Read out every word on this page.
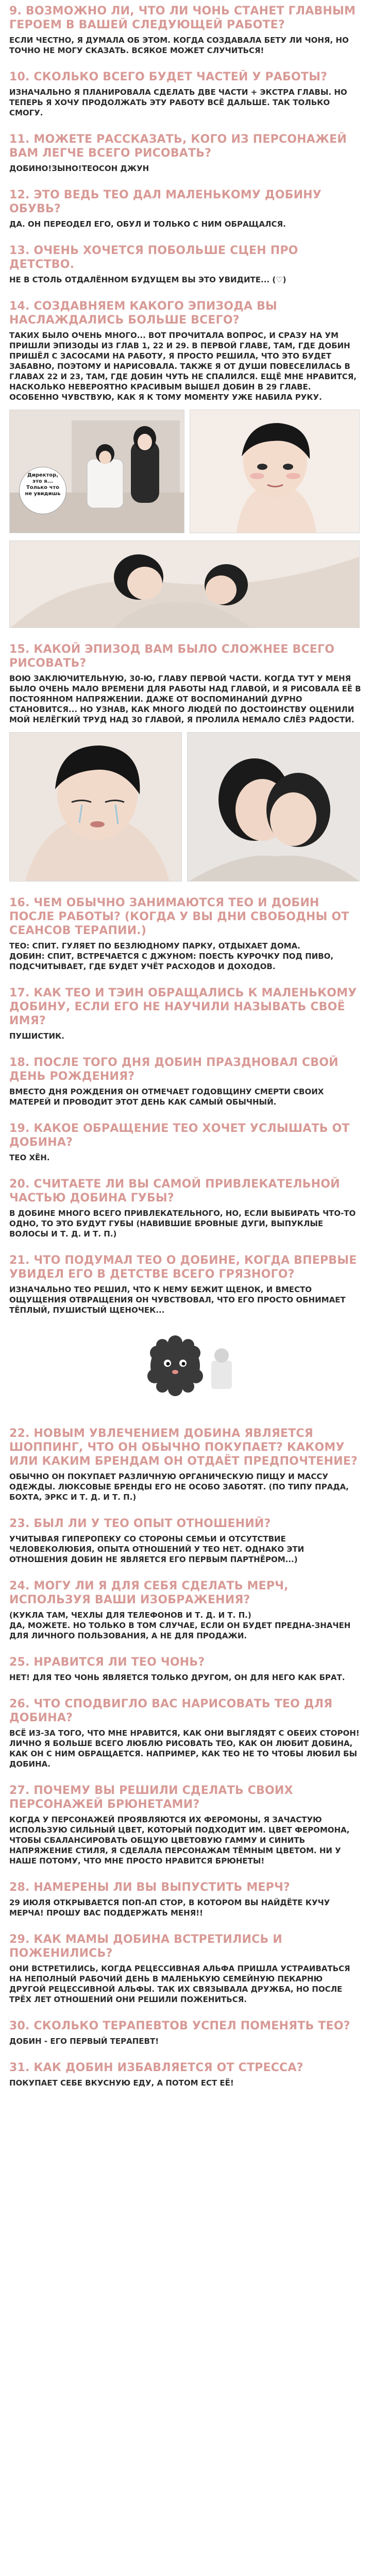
9. ВОЗМОЖНО ЛИ, ЧТО ЛИ ЧОНЬ СТАНЕТ ГЛАВНЫМ ГЕРОЕМ В ВАШЕЙ СЛЕДУЮЩЕЙ РАБОТЕ?
ЕСЛИ ЧЕСТНО, Я ДУМАЛА ОБ ЭТОМ. КОГДА СОЗДАВАЛА БЕТУ ЛИ ЧОНЯ, НО ТОЧНО НЕ МОГУ СКАЗАТЬ. ВСЯКОЕ МОЖЕТ СЛУЧИТЬСЯ!
10. СКОЛЬКО ВСЕГО БУДЕТ ЧАСТЕЙ У РАБОТЫ?
ИЗНАЧАЛЬНО Я ПЛАНИРОВАЛА СДЕЛАТЬ ДВЕ ЧАСТИ + ЭКСТРА ГЛАВЫ. НО ТЕПЕРЬ Я ХОЧУ ПРОДОЛЖАТЬ ЭТУ РАБОТУ ВСЁ ДАЛЬШЕ. ТАК ТОЛЬКО СМОГУ.
11. МОЖЕТЕ РАССКАЗАТЬ, КОГО ИЗ ПЕРСОНАЖЕЙ ВАМ ЛЕГЧЕ ВСЕГО РИСОВАТЬ?
ДОБИНО!ЗЫНО!ТЕОСОН ДЖУН
12. ЭТО ВЕДЬ ТЕО ДАЛ МАЛЕНЬКОМУ ДОБИНУ ОБУВЬ?
ДА. ОН ПЕРЕОДЕЛ ЕГО, ОБУЛ И ТОЛЬКО С НИМ ОБРАЩАЛСЯ.
13. ОЧЕНЬ ХОЧЕТСЯ ПОБОЛЬШЕ СЦЕН ПРО ДЕТСТВО.
НЕ В СТОЛЬ ОТДАЛЁННОМ БУДУЩЕМ ВЫ ЭТО УВИДИТЕ... (♡)
14. СОЗДАВНЯЕМ КАКОГО ЭПИЗОДА ВЫ НАСЛАЖДАЛИСЬ БОЛЬШЕ ВСЕГО?
ТАКИХ БЫЛО ОЧЕНЬ МНОГО... ВОТ ПРОЧИТАЛА ВОПРОС, И СРАЗУ НА УМ ПРИШЛИ ЭПИЗОДЫ ИЗ ГЛАВ 1, 22 И 29. В ПЕРВОЙ ГЛАВЕ, ТАМ, ГДЕ ДОБИН ПРИШЁЛ С ЗАСОСАМИ НА РАБОТУ, Я ПРОСТО РЕШИЛА, ЧТО ЭТО БУДЕТ ЗАБАВНО, ПОЭТОМУ И НАРИСОВАЛА. ТАКЖЕ Я ОТ ДУШИ ПОВЕСЕЛИЛАСЬ В ГЛАВАХ 22 И 23, ТАМ, ГДЕ ДОБИН ЧУТЬ НЕ СПАЛИЛСЯ. ЕЩЁ МНЕ НРАВИТСЯ, НАСКОЛЬКО НЕВЕРОЯТНО КРАСИВЫМ ВЫШЕЛ ДОБИН В 29 ГЛАВЕ. ОСОБЕННО ЧУВСТВУЮ, КАК Я К ТОМУ МОМЕНТУ УЖЕ НАБИЛА РУКУ.
Директор, это я... Только что не увидишь
15. КАКОЙ ЭПИЗОД ВАМ БЫЛО СЛОЖНЕЕ ВСЕГО РИСОВАТЬ?
ВОЮ ЗАКЛЮЧИТЕЛЬНУЮ, 30-Ю, ГЛАВУ ПЕРВОЙ ЧАСТИ. КОГДА ТУТ У МЕНЯ БЫЛО ОЧЕНЬ МАЛО ВРЕМЕНИ ДЛЯ РАБОТЫ НАД ГЛАВОЙ, И Я РИСОВАЛА ЕЁ В ПОСТОЯННОМ НАПРЯЖЕНИИ. ДАЖЕ ОТ ВОСПОМИНАНИЙ ДУРНО СТАНОВИТСЯ... НО УЗНАВ, КАК МНОГО ЛЮДЕЙ ПО ДОСТОИНСТВУ ОЦЕНИЛИ МОЙ НЕЛЁГКИЙ ТРУД НАД 30 ГЛАВОЙ, Я ПРОЛИЛА НЕМАЛО СЛЁЗ РАДОСТИ.
16. ЧЕМ ОБЫЧНО ЗАНИМАЮТСЯ ТЕО И ДОБИН ПОСЛЕ РАБОТЫ? (КОГДА У ВЫ ДНИ СВОБОДНЫ ОТ СЕАНСОВ ТЕРАПИИ.)
ТЕО: СПИТ. ГУЛЯЕТ ПО БЕЗЛЮДНОМУ ПАРКУ, ОТДЫХАЕТ ДОМА.
ДОБИН: СПИТ, ВСТРЕЧАЕТСЯ С ДЖУНОМ: ПОЕСТЬ КУРОЧКУ ПОД ПИВО, ПОДСЧИТЫВАЕТ, ГДЕ БУДЕТ УЧЁТ РАСХОДОВ И ДОХОДОВ.
17. КАК ТЕО И ТЭИН ОБРАЩАЛИСЬ К МАЛЕНЬКОМУ ДОБИНУ, ЕСЛИ ЕГО НЕ НАУЧИЛИ НАЗЫВАТЬ СВОЁ ИМЯ?
ПУШИСТИК.
18. ПОСЛЕ ТОГО ДНЯ ДОБИН ПРАЗДНОВАЛ СВОЙ ДЕНЬ РОЖДЕНИЯ?
ВМЕСТО ДНЯ РОЖДЕНИЯ ОН ОТМЕЧАЕТ ГОДОВЩИНУ СМЕРТИ СВОИХ МАТЕРЕЙ И ПРОВОДИТ ЭТОТ ДЕНЬ КАК САМЫЙ ОБЫЧНЫЙ.
19. КАКОЕ ОБРАЩЕНИЕ ТЕО ХОЧЕТ УСЛЫШАТЬ ОТ ДОБИНА?
ТЕО ХЁН.
20. СЧИТАЕТЕ ЛИ ВЫ САМОЙ ПРИВЛЕКАТЕЛЬНОЙ ЧАСТЬЮ ДОБИНА ГУБЫ?
В ДОБИНЕ МНОГО ВСЕГО ПРИВЛЕКАТЕЛЬНОГО, НО, ЕСЛИ ВЫБИРАТЬ ЧТО-ТО ОДНО, ТО ЭТО БУДУТ ГУБЫ (НАВИВШИЕ БРОВНЫЕ ДУГИ, ВЫПУКЛЫЕ ВОЛОСЫ И Т. Д. И Т. П.)
21. ЧТО ПОДУМАЛ ТЕО О ДОБИНЕ, КОГДА ВПЕРВЫЕ УВИДЕЛ ЕГО В ДЕТСТВЕ ВСЕГО ГРЯЗНОГО?
ИЗНАЧАЛЬНО ТЕО РЕШИЛ, ЧТО К НЕМУ БЕЖИТ ЩЕНОК, И ВМЕСТО ОЩУЩЕНИЯ ОТВРАЩЕНИЯ ОН ЧУВСТВОВАЛ, ЧТО ЕГО ПРОСТО ОБНИМАЕТ ТЁПЛЫЙ, ПУШИСТЫЙ ЩЕНОЧЕК...
22. НОВЫМ УВЛЕЧЕНИЕМ ДОБИНА ЯВЛЯЕТСЯ ШОППИНГ, ЧТО ОН ОБЫЧНО ПОКУПАЕТ? КАКОМУ ИЛИ КАКИМ БРЕНДАМ ОН ОТДАЁТ ПРЕДПОЧТЕНИЕ?
ОБЫЧНО ОН ПОКУПАЕТ РАЗЛИЧНУЮ ОРГАНИЧЕСКУЮ ПИЩУ И МАССУ ОДЕЖДЫ. ЛЮКСОВЫЕ БРЕНДЫ ЕГО НЕ ОСОБО ЗАБОТЯТ. (ПО ТИПУ ПРАДА, БОХТА, ЭРКС И Т. Д. И Т. П.)
23. БЫЛ ЛИ У ТЕО ОПЫТ ОТНОШЕНИЙ?
УЧИТЫВАЯ ГИПЕРОПЕКУ СО СТОРОНЫ СЕМЬИ И ОТСУТСТВИЕ ЧЕЛОВЕКОЛЮБИЯ, ОПЫТА ОТНОШЕНИЙ У ТЕО НЕТ. ОДНАКО ЭТИ ОТНОШЕНИЯ ДОБИН НЕ ЯВЛЯЕТСЯ ЕГО ПЕРВЫМ ПАРТНЁРОМ...)
24. МОГУ ЛИ Я ДЛЯ СЕБЯ СДЕЛАТЬ МЕРЧ, ИСПОЛЬЗУЯ ВАШИ ИЗОБРАЖЕНИЯ?
(КУКЛА ТАМ, ЧЕХЛЫ ДЛЯ ТЕЛЕФОНОВ И Т. Д. И Т. П.)
ДА, МОЖЕТЕ. НО ТОЛЬКО В ТОМ СЛУЧАЕ, ЕСЛИ ОН БУДЕТ ПРЕДНА-ЗНАЧЕН ДЛЯ ЛИЧНОГО ПОЛЬЗОВАНИЯ, А НЕ ДЛЯ ПРОДАЖИ.
25. НРАВИТСЯ ЛИ ТЕО ЧОНЬ?
НЕТ! ДЛЯ ТЕО ЧОНЬ ЯВЛЯЕТСЯ ТОЛЬКО ДРУГОМ, ОН ДЛЯ НЕГО КАК БРАТ.
26. ЧТО СПОДВИГЛО ВАС НАРИСОВАТЬ ТЕО ДЛЯ ДОБИНА?
ВСЁ ИЗ-ЗА ТОГО, ЧТО МНЕ НРАВИТСЯ, КАК ОНИ ВЫГЛЯДЯТ С ОБЕИХ СТОРОН! ЛИЧНО Я БОЛЬШЕ ВСЕГО ЛЮБЛЮ РИСОВАТЬ ТЕО, КАК ОН ЛЮБИТ ДОБИНА, КАК ОН С НИМ ОБРАЩАЕТСЯ. НАПРИМЕР, КАК ТЕО НЕ ТО ЧТОБЫ ЛЮБИЛ БЫ ДОБИНА.
27. ПОЧЕМУ ВЫ РЕШИЛИ СДЕЛАТЬ СВОИХ ПЕРСОНАЖЕЙ БРЮНЕТАМИ?
КОГДА У ПЕРСОНАЖЕЙ ПРОЯВЛЯЮТСЯ ИХ ФЕРОМОНЫ, Я ЗАЧАСТУЮ ИСПОЛЬЗУЮ СИЛЬНЫЙ ЦВЕТ, КОТОРЫЙ ПОДХОДИТ ИМ. ЦВЕТ ФЕРОМОНА, ЧТОБЫ СБАЛАНСИРОВАТЬ ОБЩУЮ ЦВЕТОВУЮ ГАММУ И СИНИТЬ НАПРЯЖЕНИЕ СТИЛЯ, Я СДЕЛАЛА ПЕРСОНАЖАМ ТЁМНЫМ ЦВЕТОМ. НИ У НАШЕ ПОТОМУ, ЧТО МНЕ ПРОСТО НРАВИТСЯ БРЮНЕТЫ!
28. НАМЕРЕНЫ ЛИ ВЫ ВЫПУСТИТЬ МЕРЧ?
29 ИЮЛЯ ОТКРЫВАЕТСЯ ПОП-АП СТОР, В КОТОРОМ ВЫ НАЙДЁТЕ КУЧУ МЕРЧА! ПРОШУ ВАС ПОДДЕРЖАТЬ МЕНЯ!!
29. КАК МАМЫ ДОБИНА ВСТРЕТИЛИСЬ И ПОЖЕНИЛИСЬ?
ОНИ ВСТРЕТИЛИСЬ, КОГДА РЕЦЕССИВНАЯ АЛЬФА ПРИШЛА УСТРАИВАТЬСЯ НА НЕПОЛНЫЙ РАБОЧИЙ ДЕНЬ В МАЛЕНЬКУЮ СЕМЕЙНУЮ ПЕКАРНЮ ДРУГОЙ РЕЦЕССИВНОЙ АЛЬФЫ. ТАК ИХ СВЯЗЫВАЛА ДРУЖБА, НО ПОСЛЕ ТРЁХ ЛЕТ ОТНОШЕНИЙ ОНИ РЕШИЛИ ПОЖЕНИТЬСЯ.
30. СКОЛЬКО ТЕРАПЕВТОВ УСПЕЛ ПОМЕНЯТЬ ТЕО?
ДОБИН - ЕГО ПЕРВЫЙ ТЕРАПЕВТ!
31. КАК ДОБИН ИЗБАВЛЯЕТСЯ ОТ СТРЕССА?
ПОКУПАЕТ СЕБЕ ВКУСНУЮ ЕДУ, А ПОТОМ ЕСТ ЕЁ!
